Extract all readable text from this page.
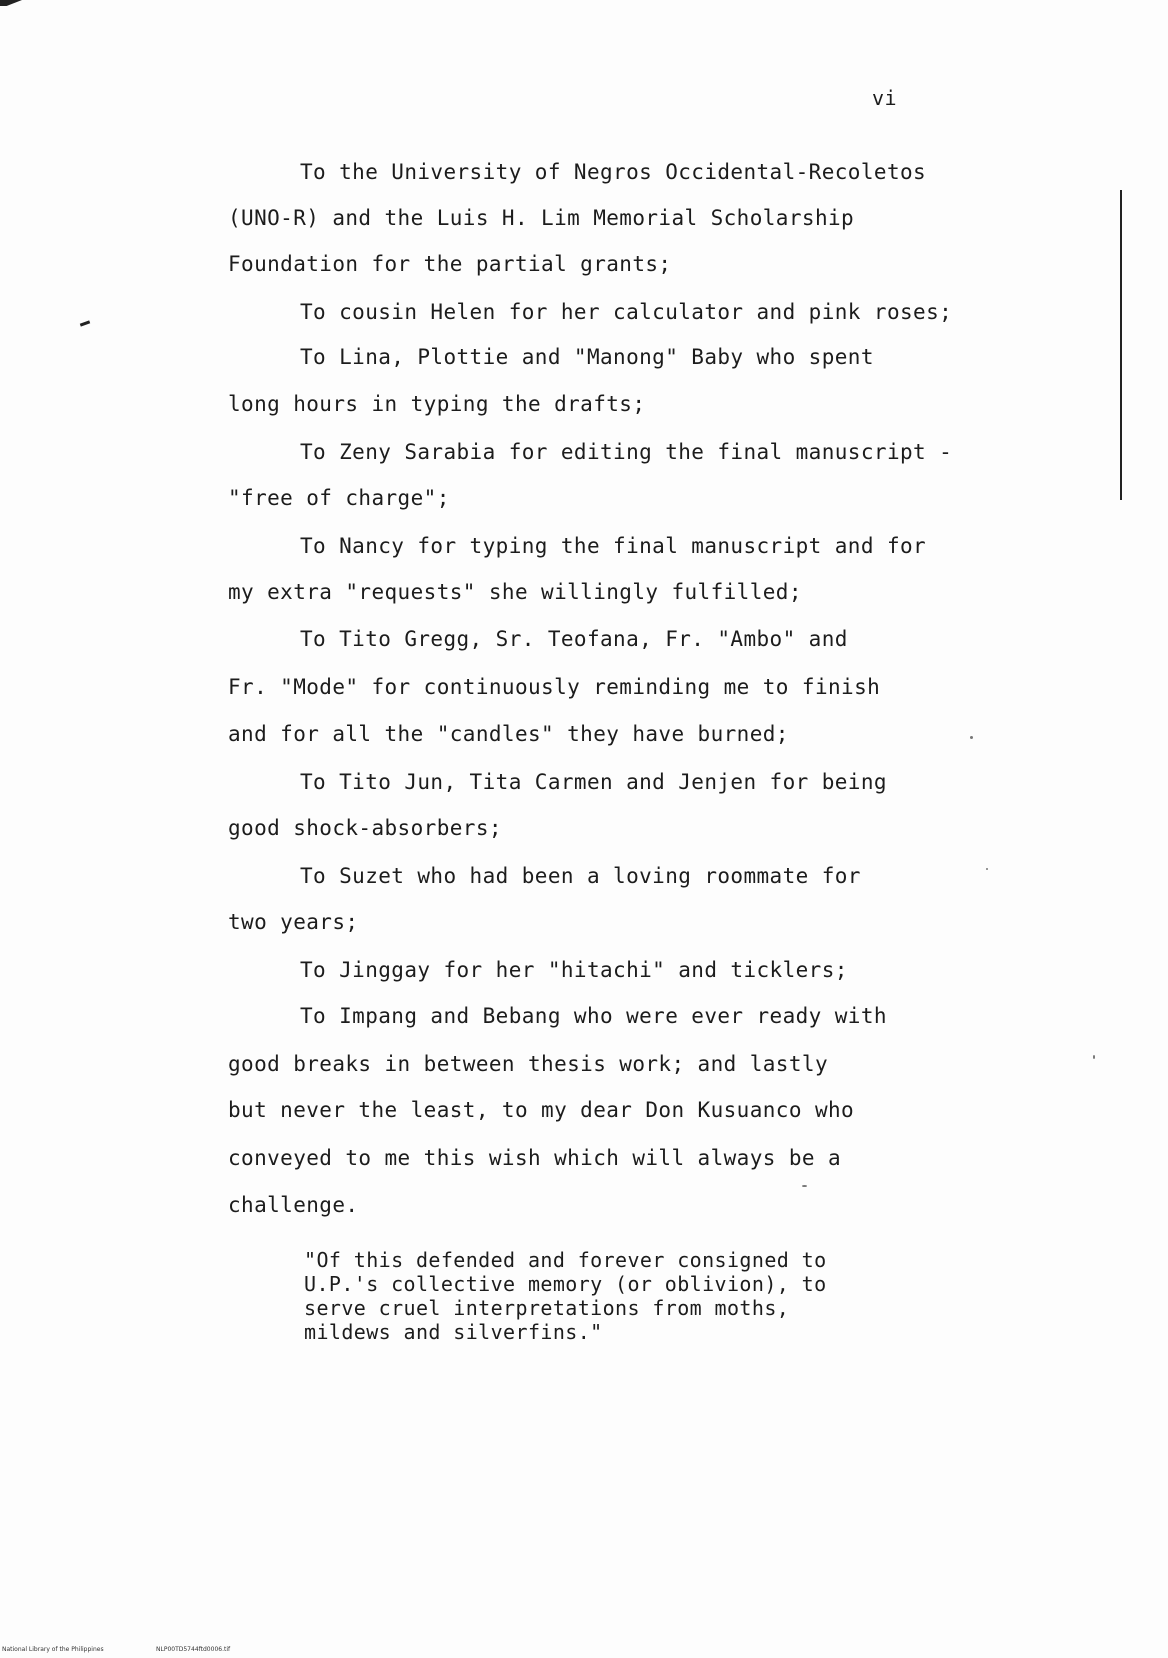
vi
To the University of Negros Occidental-Recoletos
(UNO-R) and the Luis H. Lim Memorial Scholarship
Foundation for the partial grants;
To cousin Helen for her calculator and pink roses;
To Lina, Plottie and "Manong" Baby who spent
long hours in typing the drafts;
To Zeny Sarabia for editing the final manuscript -
"free of charge";
To Nancy for typing the final manuscript and for
my extra "requests" she willingly fulfilled;
To Tito Gregg, Sr. Teofana, Fr. "Ambo" and
Fr. "Mode" for continuously reminding me to finish
and for all the "candles" they have burned;
To Tito Jun, Tita Carmen and Jenjen for being
good shock-absorbers;
To Suzet who had been a loving roommate for
two years;
To Jinggay for her "hitachi" and ticklers;
To Impang and Bebang who were ever ready with
good breaks in between thesis work; and lastly
but never the least, to my dear Don Kusuanco who
conveyed to me this wish which will always be a
challenge.
"Of this defended and forever consigned to
U.P.'s collective memory (or oblivion), to
serve cruel interpretations from moths,
mildews and silverfins."
National Library of the Philippines	NLP00TD5744ftd0006.tif
